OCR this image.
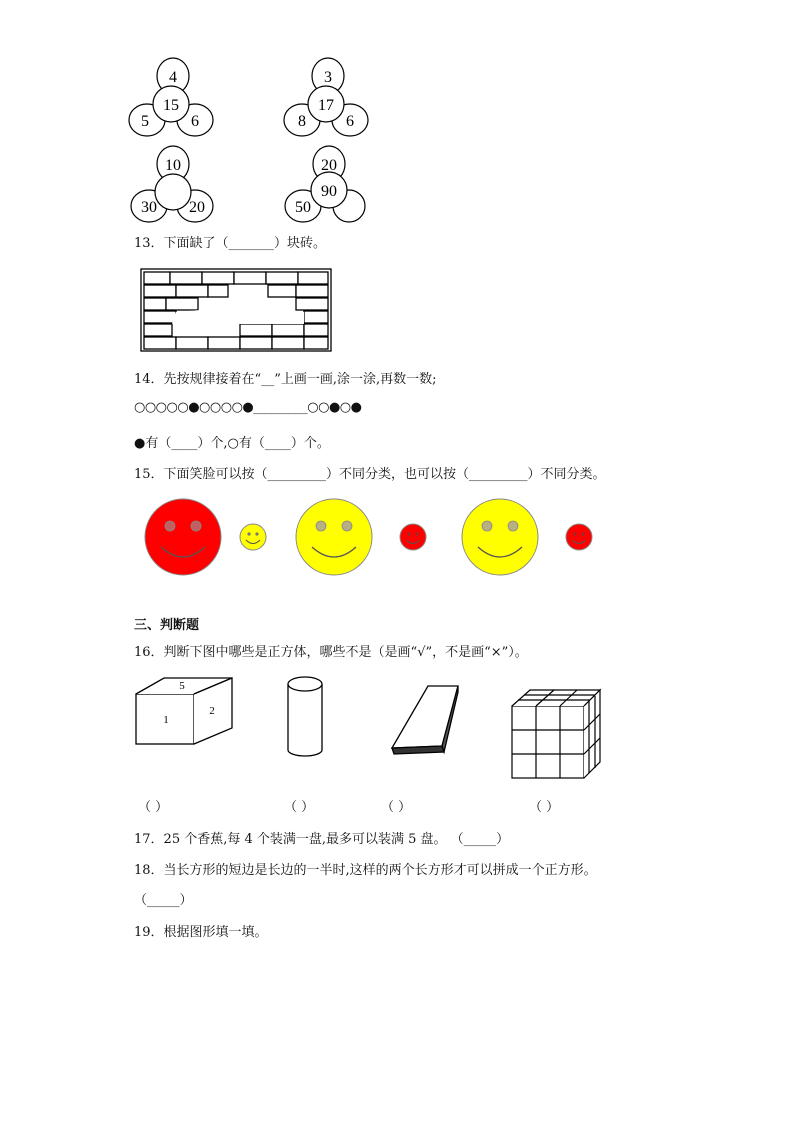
4
15
5	6
3
17
8	6
10
30 20
20
90
50
13．下面缺了（_______）块砖。
14．先按规律接着在“__”上画一画,涂一涂,再数一数;
○○○○○●○○○○●_________○○●○●
●有（____）个,○有（____）个。
15．下面笑脸可以按（_________）不同分类，也可以按（_________）不同分类。
三、判断题
16．判断下图中哪些是正方体，哪些不是（是画“√”，不是画“×”）。
5
1
2
（ ）	（ ）	（ ）	（ ）
17．25 个香蕉,每 4 个装满一盘,最多可以装满 5 盘。 （_____）
18．当长方形的短边是长边的一半时,这样的两个长方形才可以拼成一个正方形。
（_____）
19．根据图形填一填。
